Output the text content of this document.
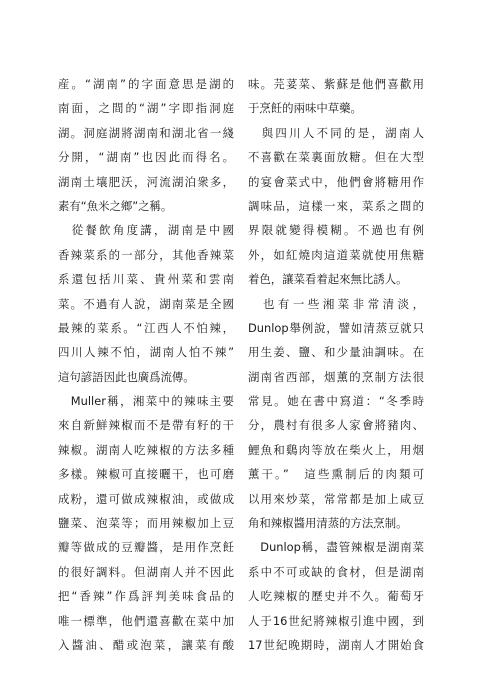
産。“湖南”的字面意思是湖的
南面，之間的“湖”字即指洞庭
湖。洞庭湖將湖南和湖北省一綫
分開，“湖南”也因此而得名。
湖南土壤肥沃，河流湖泊衆多，
素有“魚米之鄉”之稱。
　從餐飲角度講，湖南是中國
香辣菜系的一部分，其他香辣菜
系還包括川菜、貴州菜和雲南
菜。不過有人說，湖南菜是全國
最辣的菜系。“江西人不怕辣，
四川人辣不怕，湖南人怕不辣”
這句諺語因此也廣爲流傳。
　Muller稱，湘菜中的辣味主要
來自新鮮辣椒而不是帶有籽的干
辣椒。湖南人吃辣椒的方法多種
多樣。辣椒可直接曬干，也可磨
成粉，還可做成辣椒油，或做成
鹽菜、泡菜等；而用辣椒加上豆
瓣等做成的豆瓣醬，是用作烹飪
的很好調料。但湖南人并不因此
把“香辣”作爲評判美味食品的
唯一標準，他們還喜歡在菜中加
入醬油、醋或泡菜，讓菜有酸
味。芫荽菜、紫蘇是他們喜歡用
于烹飪的兩味中草藥。
　與四川人不同的是，湖南人
不喜歡在菜裏面放糖。但在大型
的宴會菜式中，他們會將糖用作
調味品，這樣一來，菜系之間的
界限就變得模糊。不過也有例
外，如紅燒肉這道菜就使用焦糖
着色，讓菜看着起來無比誘人。
　也有一些湘菜非常清淡，
Dunlop舉例說，譬如清蒸豆就只
用生姜、鹽、和少量油調味。在
湖南省西部，烟薰的烹制方法很
常見。她在書中寫道：“冬季時
分，農村有很多人家會將豬肉、
鯉魚和鷄肉等放在柴火上，用烟
薰干。”　這些熏制后的肉類可
以用來炒菜，常常都是加上咸豆
角和辣椒醬用清蒸的方法烹制。
　Dunlop稱，盡管辣椒是湖南菜
系中不可或缺的食材，但是湖南
人吃辣椒的歷史并不久。葡萄牙
人于16世紀將辣椒引進中國，到
17世紀晚期時，湖南人才開始食
